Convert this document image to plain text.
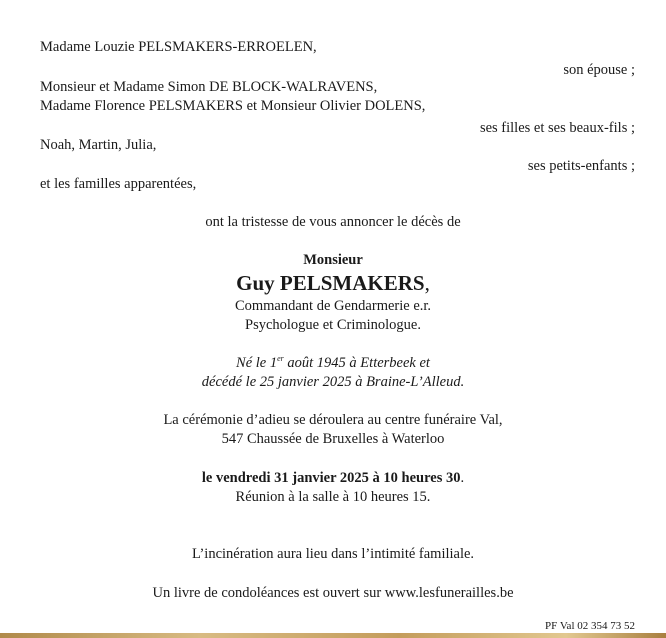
Madame Louzie PELSMAKERS-ERROELEN,
son épouse ;
Monsieur et Madame Simon DE BLOCK-WALRAVENS,
Madame Florence PELSMAKERS et Monsieur Olivier DOLENS,
ses filles et ses beaux-fils ;
Noah, Martin, Julia,
ses petits-enfants ;
et les familles apparentées,
ont la tristesse de vous annoncer le décès de
Monsieur
Guy PELSMAKERS,
Commandant de Gendarmerie e.r.
Psychologue et Criminologue.
Né le 1er août 1945 à Etterbeek et
décédé le 25 janvier 2025 à Braine-L’Alleud.
La cérémonie d’adieu se déroulera au centre funéraire Val,
547 Chaussée de Bruxelles à Waterloo
le vendredi 31 janvier 2025 à 10 heures 30.
Réunion à la salle à 10 heures 15.
L’incinération aura lieu dans l’intimité familiale.
Un livre de condoléances est ouvert sur www.lesfunerailles.be
PF Val 02 354 73 52
